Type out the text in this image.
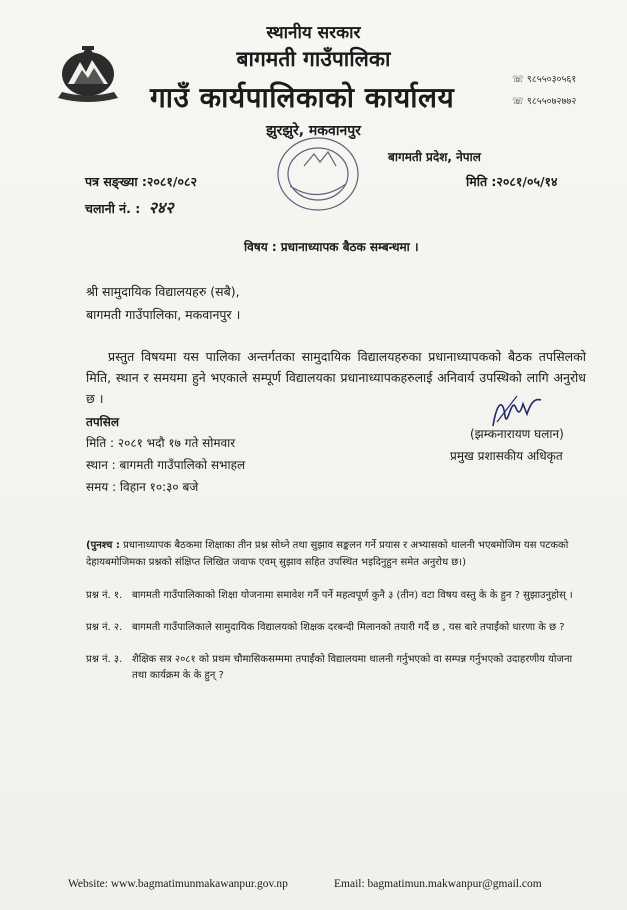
स्थानीय सरकार
बागमती गाउँपालिका
गाउँ कार्यपालिकाको कार्यालय
झुरझुरे, मकवानपुर
बागमती प्रदेश, नेपाल
☏ ९८५५०३०५६१
☏ ९८५५०७२७७२
पत्र सङ्ख्या :२०८१/०८२
चलानी नं. : २४२
मिति :२०८१/०५/१४
विषय : प्रधानाध्यापक बैठक सम्बन्धमा ।
श्री सामुदायिक विद्यालयहरु (सबै),
बागमती गाउँपालिका, मकवानपुर ।

प्रस्तुत विषयमा यस पालिका अन्तर्गतका सामुदायिक विद्यालयहरुका प्रधानाध्यापकको बैठक तपसिलको मिति, स्थान र समयमा हुने भएकाले सम्पूर्ण विद्यालयका प्रधानाध्यापकहरुलाई अनिवार्य उपस्थिको लागि अनुरोध छ ।

तपसिल
मिति : २०८१ भदौ १७ गते सोमवार
स्थान : बागमती गाउँपालिको सभाहल
समय : विहान १०:३० बजे
(झम्कनारायण घलान)
प्रमुख प्रशासकीय अधिकृत
(पुनश्च : प्रधानाध्यापक बैठकमा शिक्षाका तीन प्रश्न सोध्ने तथा सुझाव सङ्कलन गर्ने प्रयास र अभ्यासको थालनी भएबमोजिम यस पटकको देहायबमोजिमका प्रश्नको संक्षिप्त लिखित जवाफ एवम् सुझाव सहित उपस्थित भइदिनुहुन समेत अनुरोध छ।)
प्रश्न नं. १. बागमती गाउँपालिकाको शिक्षा योजनामा समावेश गर्नै पर्ने महत्वपूर्ण कुनै ३ (तीन) वटा विषय वस्तु के के हुन ? सुझाउनुहोस् ।
प्रश्न नं. २. बागमती गाउँपालिकाले सामुदायिक विद्यालयको शिक्षक दरबन्दी मिलानको तयारी गर्दै छ , यस बारे तपाईंको धारणा के छ ?
प्रश्न नं. ३. शैक्षिक सत्र २०८१ को प्रथम चौमासिकसम्ममा तपाईंको विद्यालयमा थालनी गर्नुभएको वा सम्पन्न गर्नुभएको उदाहरणीय योजना तथा कार्यक्रम के के हुन् ?
Website: www.bagmatimunmakawanpur.gov.np	Email: bagmatimun.makwanpur@gmail.com
